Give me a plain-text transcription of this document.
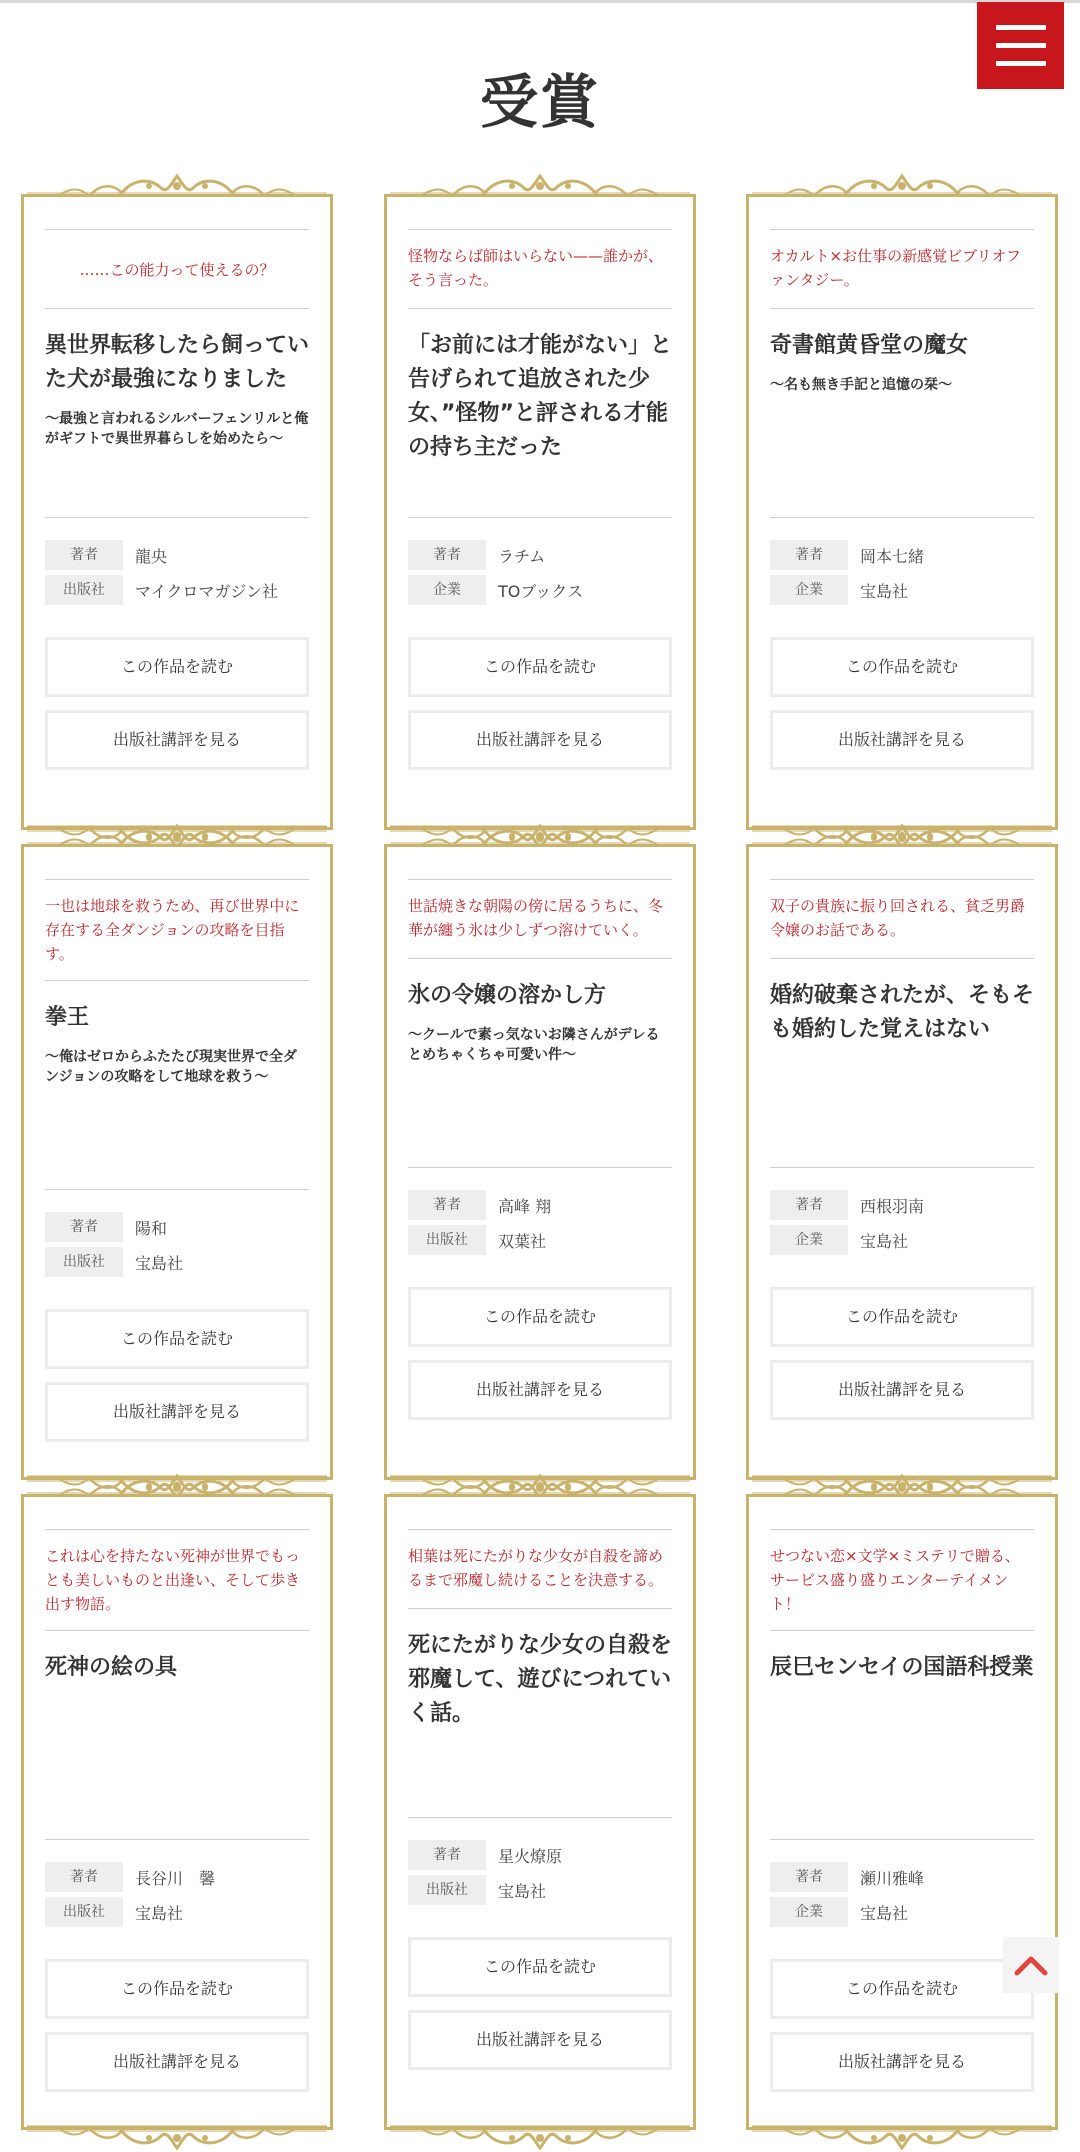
受賞
……この能力って使えるの？
異世界転移したら飼っていた犬が最強になりました
〜最強と言われるシルバーフェンリルと俺がギフトで異世界暮らしを始めたら〜
著者	龍央
出版社	マイクロマガジン社
この作品を読む
出版社講評を見る
怪物ならば師はいらない——誰かが、そう言った。
「お前には才能がない」と告げられて追放された少女、”怪物”と評される才能の持ち主だった
著者	ラチム
企業	TOブックス
この作品を読む
出版社講評を見る
オカルト×お仕事の新感覚ビブリオファンタジー。
奇書館黄昏堂の魔女
〜名も無き手記と追憶の栞〜
著者	岡本七緒
企業	宝島社
この作品を読む
出版社講評を見る
一也は地球を救うため、再び世界中に存在する全ダンジョンの攻略を目指す。
拳王
〜俺はゼロからふたたび現実世界で全ダンジョンの攻略をして地球を救う〜
著者	陽和
出版社	宝島社
この作品を読む
出版社講評を見る
世話焼きな朝陽の傍に居るうちに、冬華が纏う氷は少しずつ溶けていく。
氷の令嬢の溶かし方
〜クールで素っ気ないお隣さんがデレるとめちゃくちゃ可愛い件〜
著者	高峰 翔
出版社	双葉社
この作品を読む
出版社講評を見る
双子の貴族に振り回される、貧乏男爵令嬢のお話である。
婚約破棄されたが、そもそも婚約した覚えはない
著者	西根羽南
企業	宝島社
この作品を読む
出版社講評を見る
これは心を持たない死神が世界でもっとも美しいものと出逢い、そして歩き出す物語。
死神の絵の具
著者	長谷川　馨
出版社	宝島社
この作品を読む
出版社講評を見る
相葉は死にたがりな少女が自殺を諦めるまで邪魔し続けることを決意する。
死にたがりな少女の自殺を邪魔して、遊びにつれていく話。
著者	星火燎原
出版社	宝島社
この作品を読む
出版社講評を見る
せつない恋×文学×ミステリで贈る、サービス盛り盛りエンターテイメント！
辰巳センセイの国語科授業
著者	瀬川雅峰
企業	宝島社
この作品を読む
出版社講評を見る
